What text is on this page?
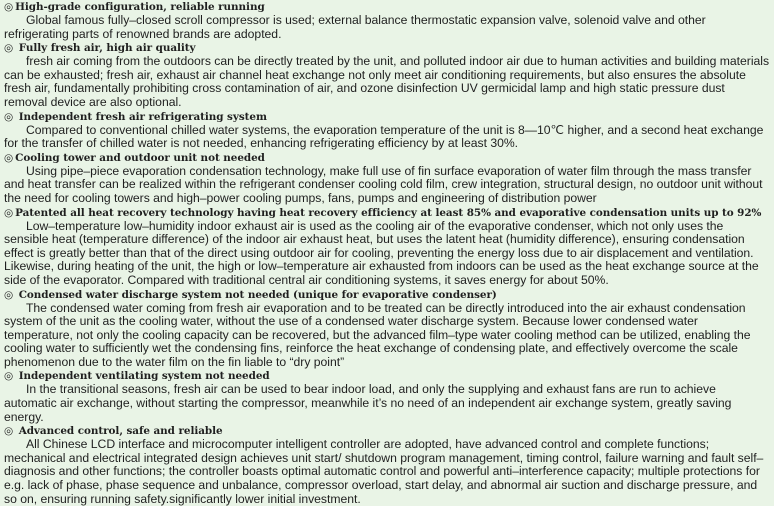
◎ High-grade configuration, reliable running

Global famous fully–closed scroll compressor is used; external balance thermostatic expansion valve, solenoid valve and other refrigerating parts of renowned brands are adopted.

◎ Fully fresh air, high air quality

fresh air coming from the outdoors can be directly treated by the unit, and polluted indoor air due to human activities and building materials can be exhausted; fresh air, exhaust air channel heat exchange not only meet air conditioning requirements, but also ensures the absolute fresh air, fundamentally prohibiting cross contamination of air, and ozone disinfection UV germicidal lamp and high static pressure dust removal device are also optional.

◎ Independent fresh air refrigerating system

Compared to conventional chilled water systems, the evaporation temperature of the unit is 8—10℃ higher, and a second heat exchange for the transfer of chilled water is not needed, enhancing refrigerating efficiency by at least 30%.

◎ Cooling tower and outdoor unit not needed

Using pipe–piece evaporation condensation technology, make full use of fin surface evaporation of water film through the mass transfer and heat transfer can be realized within the refrigerant condenser cooling cold film, crew integration, structural design, no outdoor unit without the need for cooling towers and high–power cooling pumps, fans, pumps and engineering of distribution power

◎ Patented all heat recovery technology having heat recovery efficiency at least 85% and evaporative condensation units up to 92%

Low–temperature low–humidity indoor exhaust air is used as the cooling air of the evaporative condenser, which not only uses the sensible heat (temperature difference) of the indoor air exhaust heat, but uses the latent heat (humidity difference), ensuring condensation effect is greatly better than that of the direct using outdoor air for cooling, preventing the energy loss due to air displacement and ventilation. Likewise, during heating of the unit, the high or low–temperature air exhausted from indoors can be used as the heat exchange source at the side of the evaporator. Compared with traditional central air conditioning systems, it saves energy for about 50%.

◎ Condensed water discharge system not needed (unique for evaporative condenser)

The condensed water coming from fresh air evaporation and to be treated can be directly introduced into the air exhaust condensation system of the unit as the cooling water, without the use of a condensed water discharge system. Because lower condensed water temperature, not only the cooling capacity can be recovered, but the advanced film–type water cooling method can be utilized, enabling the cooling water to sufficiently wet the condensing fins, reinforce the heat exchange of condensing plate, and effectively overcome the scale phenomenon due to the water film on the fin liable to “dry point”

◎ Independent ventilating system not needed

In the transitional seasons, fresh air can be used to bear indoor load, and only the supplying and exhaust fans are run to achieve automatic air exchange, without starting the compressor, meanwhile it’s no need of an independent air exchange system, greatly saving energy.

◎ Advanced control, safe and reliable

All Chinese LCD interface and microcomputer intelligent controller are adopted, have advanced control and complete functions; mechanical and electrical integrated design achieves unit start/ shutdown program management, timing control, failure warning and fault self–diagnosis and other functions; the controller boasts optimal automatic control and powerful anti–interference capacity; multiple protections for e.g. lack of phase, phase sequence and unbalance, compressor overload, start delay, and abnormal air suction and discharge pressure, and so on, ensuring running safety.significantly lower initial investment.
